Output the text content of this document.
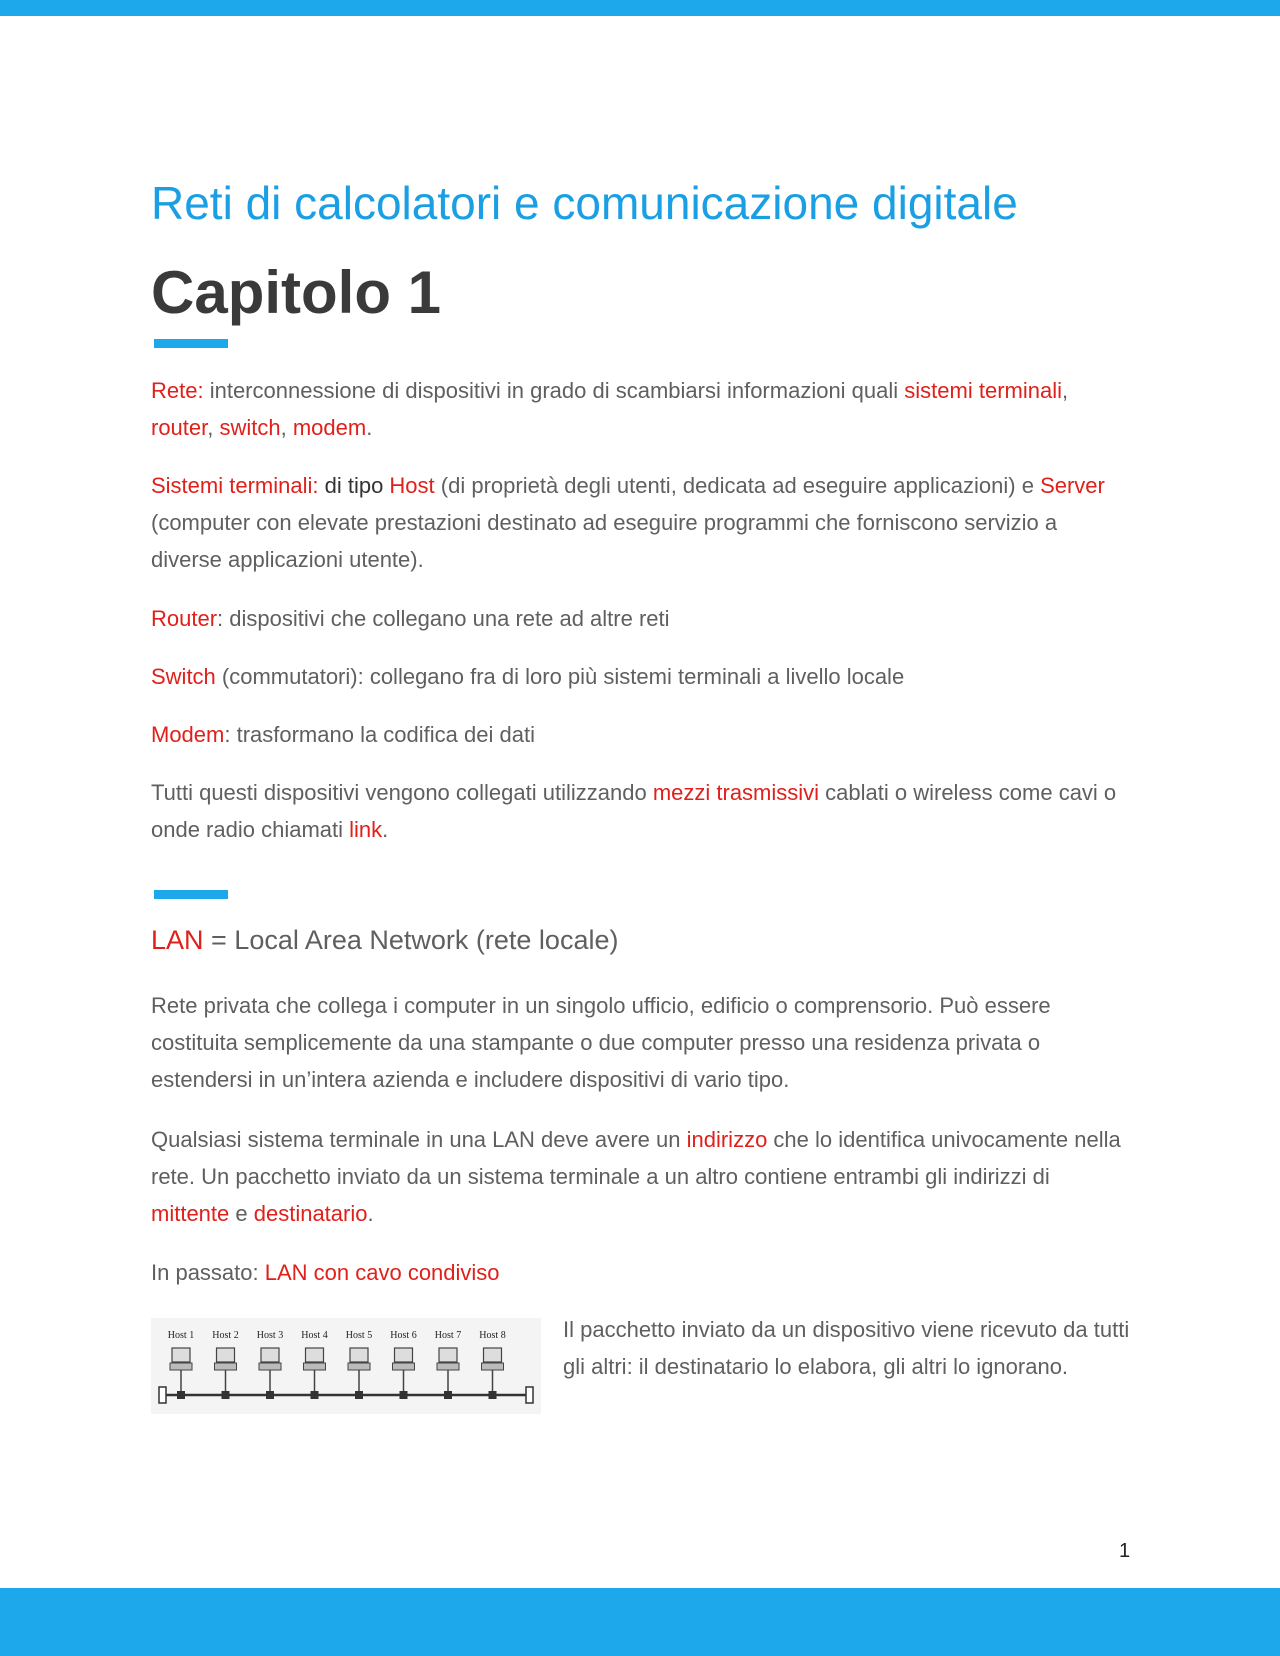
Reti di calcolatori e comunicazione digitale
Capitolo 1

Rete: interconnessione di dispositivi in grado di scambiarsi informazioni quali sistemi terminali, router, switch, modem.

Sistemi terminali: di tipo Host (di proprietà degli utenti, dedicata ad eseguire applicazioni) e Server (computer con elevate prestazioni destinato ad eseguire programmi che forniscono servizio a diverse applicazioni utente).

Router: dispositivi che collegano una rete ad altre reti

Switch (commutatori): collegano fra di loro più sistemi terminali a livello locale

Modem: trasformano la codifica dei dati

Tutti questi dispositivi vengono collegati utilizzando mezzi trasmissivi cablati o wireless come cavi o onde radio chiamati link.

LAN = Local Area Network (rete locale)

Rete privata che collega i computer in un singolo ufficio, edificio o comprensorio. Può essere costituita semplicemente da una stampante o due computer presso una residenza privata o estendersi in un’intera azienda e includere dispositivi di vario tipo.

Qualsiasi sistema terminale in una LAN deve avere un indirizzo che lo identifica univocamente nella rete. Un pacchetto inviato da un sistema terminale a un altro contiene entrambi gli indirizzi di mittente e destinatario.

In passato: LAN con cavo condiviso

Host 1 Host 2 Host 3 Host 4 Host 5 Host 6 Host 7 Host 8	Il pacchetto inviato da un dispositivo viene ricevuto da tutti gli altri: il destinatario lo elabora, gli altri lo ignorano.

1
